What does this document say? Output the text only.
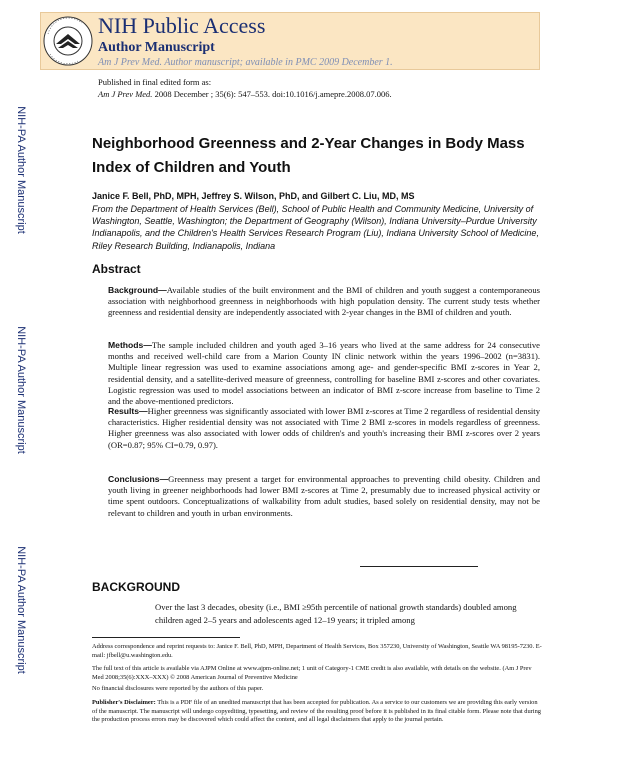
NIH Public Access
Author Manuscript
Am J Prev Med. Author manuscript; available in PMC 2009 December 1.
NIH-PA Author Manuscript
NIH-PA Author Manuscript
NIH-PA Author Manuscript
Published in final edited form as:
Am J Prev Med. 2008 December ; 35(6): 547–553. doi:10.1016/j.amepre.2008.07.006.
Neighborhood Greenness and 2-Year Changes in Body Mass Index of Children and Youth
Janice F. Bell, PhD, MPH, Jeffrey S. Wilson, PhD, and Gilbert C. Liu, MD, MS
From the Department of Health Services (Bell), School of Public Health and Community Medicine, University of Washington, Seattle, Washington; the Department of Geography (Wilson), Indiana University–Purdue University Indianapolis, and the Children's Health Services Research Program (Liu), Indiana University School of Medicine, Riley Research Building, Indianapolis, Indiana
Abstract
Background—Available studies of the built environment and the BMI of children and youth suggest a contemporaneous association with neighborhood greenness in neighborhoods with high population density. The current study tests whether greenness and residential density are independently associated with 2-year changes in the BMI of children and youth.
Methods—The sample included children and youth aged 3–16 years who lived at the same address for 24 consecutive months and received well-child care from a Marion County IN clinic network within the years 1996–2002 (n=3831). Multiple linear regression was used to examine associations among age- and gender-specific BMI z-scores in Year 2, residential density, and a satellite-derived measure of greenness, controlling for baseline BMI z-scores and other covariates. Logistic regression was used to model associations between an indicator of BMI z-score increase from baseline to Time 2 and the above-mentioned predictors.
Results—Higher greenness was significantly associated with lower BMI z-scores at Time 2 regardless of residential density characteristics. Higher residential density was not associated with Time 2 BMI z-scores in models regardless of greenness. Higher greenness was also associated with lower odds of children's and youth's increasing their BMI z-scores over 2 years (OR=0.87; 95% CI=0.79, 0.97).
Conclusions—Greenness may present a target for environmental approaches to preventing child obesity. Children and youth living in greener neighborhoods had lower BMI z-scores at Time 2, presumably due to increased physical activity or time spent outdoors. Conceptualizations of walkability from adult studies, based solely on residential density, may not be relevant to children and youth in urban environments.
BACKGROUND
Over the last 3 decades, obesity (i.e., BMI ≥95th percentile of national growth standards) doubled among children aged 2–5 years and adolescents aged 12–19 years; it tripled among
Address correspondence and reprint requests to: Janice F. Bell, PhD, MPH, Department of Health Services, Box 357230, University of Washington, Seattle WA 98195-7230. E-mail: jfbell@u.washington.edu.
The full text of this article is available via AJPM Online at www.ajpm-online.net; 1 unit of Category-1 CME credit is also available, with details on the website. (Am J Prev Med 2008;35(6):XXX–XXX) © 2008 American Journal of Preventive Medicine
No financial disclosures were reported by the authors of this paper.
Publisher's Disclaimer: This is a PDF file of an unedited manuscript that has been accepted for publication. As a service to our customers we are providing this early version of the manuscript. The manuscript will undergo copyediting, typesetting, and review of the resulting proof before it is published in its final citable form. Please note that during the production process errors may be discovered which could affect the content, and all legal disclaimers that apply to the journal pertain.
